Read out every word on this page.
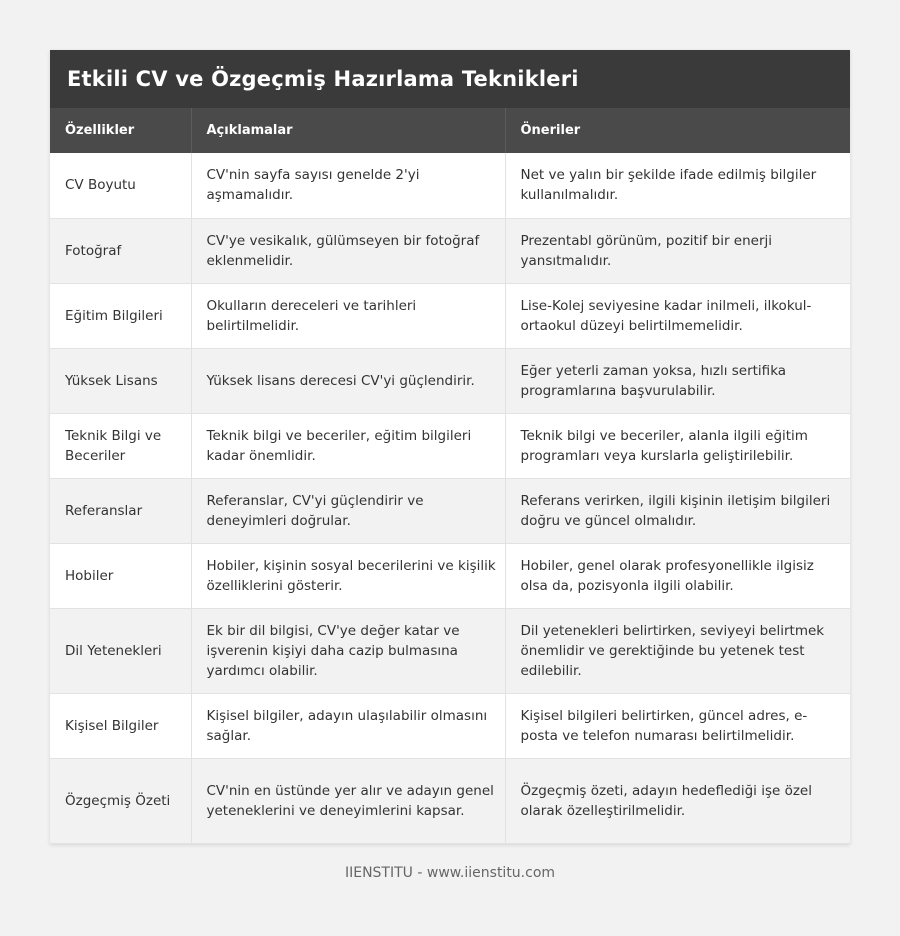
Etkili CV ve Özgeçmiş Hazırlama Teknikleri
Özellikler	Açıklamalar	Öneriler
CV Boyutu	CV'nin sayfa sayısı genelde 2'yi aşmamalıdır.	Net ve yalın bir şekilde ifade edilmiş bilgiler kullanılmalıdır.
Fotoğraf	CV'ye vesikalık, gülümseyen bir fotoğraf eklenmelidir.	Prezentabl görünüm, pozitif bir enerji yansıtmalıdır.
Eğitim Bilgileri	Okulların dereceleri ve tarihleri belirtilmelidir.	Lise-Kolej seviyesine kadar inilmeli, ilkokul-ortaokul düzeyi belirtilmemelidir.
Yüksek Lisans	Yüksek lisans derecesi CV'yi güçlendirir.	Eğer yeterli zaman yoksa, hızlı sertifika programlarına başvurulabilir.
Teknik Bilgi ve Beceriler	Teknik bilgi ve beceriler, eğitim bilgileri kadar önemlidir.	Teknik bilgi ve beceriler, alanla ilgili eğitim programları veya kurslarla geliştirilebilir.
Referanslar	Referanslar, CV'yi güçlendirir ve deneyimleri doğrular.	Referans verirken, ilgili kişinin iletişim bilgileri doğru ve güncel olmalıdır.
Hobiler	Hobiler, kişinin sosyal becerilerini ve kişilik özelliklerini gösterir.	Hobiler, genel olarak profesyonellikle ilgisiz olsa da, pozisyonla ilgili olabilir.
Dil Yetenekleri	Ek bir dil bilgisi, CV'ye değer katar ve işverenin kişiyi daha cazip bulmasına yardımcı olabilir.	Dil yetenekleri belirtirken, seviyeyi belirtmek önemlidir ve gerektiğinde bu yetenek test edilebilir.
Kişisel Bilgiler	Kişisel bilgiler, adayın ulaşılabilir olmasını sağlar.	Kişisel bilgileri belirtirken, güncel adres, e-posta ve telefon numarası belirtilmelidir.
Özgeçmiş Özeti	CV'nin en üstünde yer alır ve adayın genel yeteneklerini ve deneyimlerini kapsar.	Özgeçmiş özeti, adayın hedeflediği işe özel olarak özelleştirilmelidir.
IIENSTITU - www.iienstitu.com
